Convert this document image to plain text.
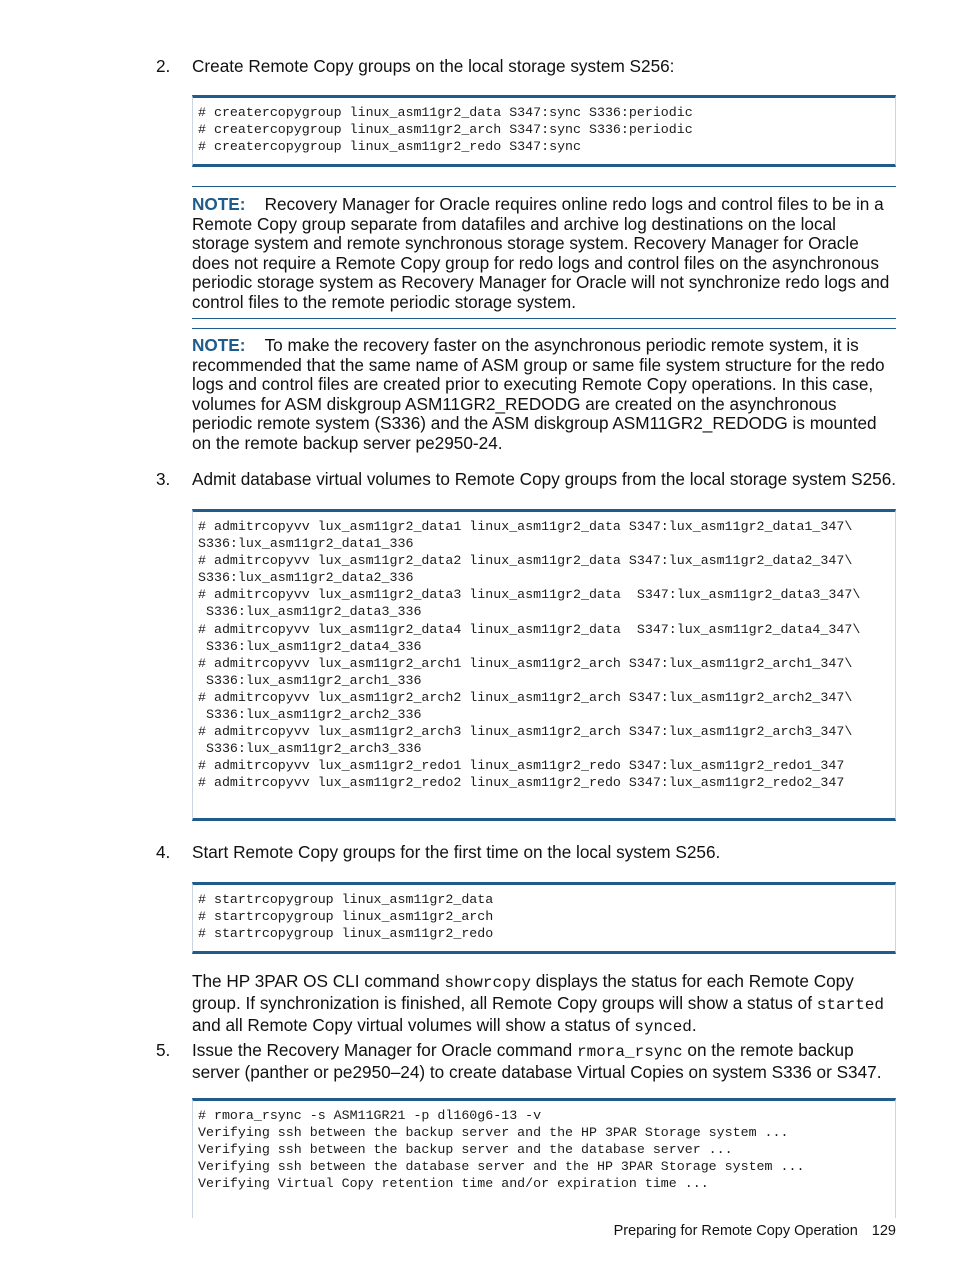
2. Create Remote Copy groups on the local storage system S256:
# creatercopygroup linux_asm11gr2_data S347:sync S336:periodic
# creatercopygroup linux_asm11gr2_arch S347:sync S336:periodic
# creatercopygroup linux_asm11gr2_redo S347:sync
NOTE: Recovery Manager for Oracle requires online redo logs and control files to be in a Remote Copy group separate from datafiles and archive log destinations on the local storage system and remote synchronous storage system. Recovery Manager for Oracle does not require a Remote Copy group for redo logs and control files on the asynchronous periodic storage system as Recovery Manager for Oracle will not synchronize redo logs and control files to the remote periodic storage system.
NOTE: To make the recovery faster on the asynchronous periodic remote system, it is recommended that the same name of ASM group or same file system structure for the redo logs and control files are created prior to executing Remote Copy operations. In this case, volumes for ASM diskgroup ASM11GR2_REDODG are created on the asynchronous periodic remote system (S336) and the ASM diskgroup ASM11GR2_REDODG is mounted on the remote backup server pe2950-24.
3. Admit database virtual volumes to Remote Copy groups from the local storage system S256.
# admitrcopyvv lux_asm11gr2_data1 linux_asm11gr2_data S347:lux_asm11gr2_data1_347\
S336:lux_asm11gr2_data1_336
# admitrcopyvv lux_asm11gr2_data2 linux_asm11gr2_data S347:lux_asm11gr2_data2_347\
S336:lux_asm11gr2_data2_336
# admitrcopyvv lux_asm11gr2_data3 linux_asm11gr2_data  S347:lux_asm11gr2_data3_347\
S336:lux_asm11gr2_data3_336
# admitrcopyvv lux_asm11gr2_data4 linux_asm11gr2_data  S347:lux_asm11gr2_data4_347\
S336:lux_asm11gr2_data4_336
# admitrcopyvv lux_asm11gr2_arch1 linux_asm11gr2_arch S347:lux_asm11gr2_arch1_347\
S336:lux_asm11gr2_arch1_336
# admitrcopyvv lux_asm11gr2_arch2 linux_asm11gr2_arch S347:lux_asm11gr2_arch2_347\
S336:lux_asm11gr2_arch2_336
# admitrcopyvv lux_asm11gr2_arch3 linux_asm11gr2_arch S347:lux_asm11gr2_arch3_347\
S336:lux_asm11gr2_arch3_336
# admitrcopyvv lux_asm11gr2_redo1 linux_asm11gr2_redo S347:lux_asm11gr2_redo1_347
# admitrcopyvv lux_asm11gr2_redo2 linux_asm11gr2_redo S347:lux_asm11gr2_redo2_347
4. Start Remote Copy groups for the first time on the local system S256.
# startrcopygroup linux_asm11gr2_data
# startrcopygroup linux_asm11gr2_arch
# startrcopygroup linux_asm11gr2_redo
The HP 3PAR OS CLI command showrcopy displays the status for each Remote Copy group. If synchronization is finished, all Remote Copy groups will show a status of started and all Remote Copy virtual volumes will show a status of synced.
5. Issue the Recovery Manager for Oracle command rmora_rsync on the remote backup server (panther or pe2950–24) to create database Virtual Copies on system S336 or S347.
# rmora_rsync -s ASM11GR21 -p dl160g6-13 -v
Verifying ssh between the backup server and the HP 3PAR Storage system ...
Verifying ssh between the backup server and the database server ...
Verifying ssh between the database server and the HP 3PAR Storage system ...
Verifying Virtual Copy retention time and/or expiration time ...
Preparing for Remote Copy Operation 129
